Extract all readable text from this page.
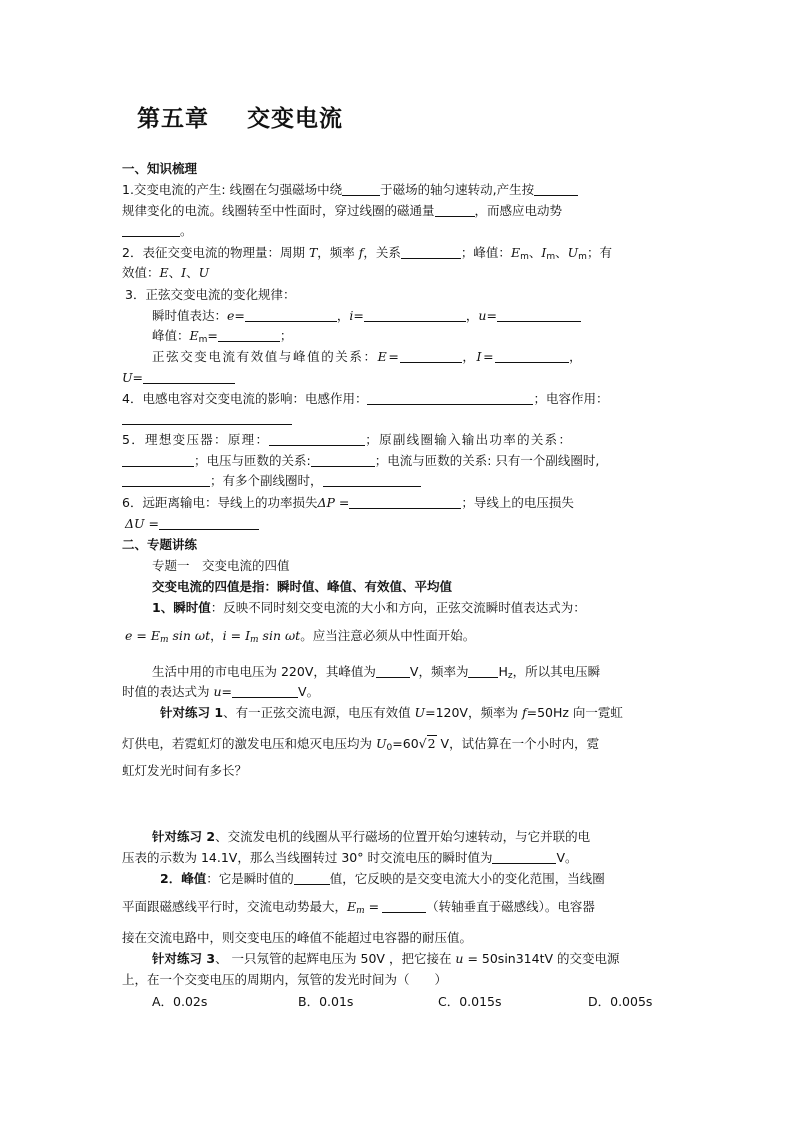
第五章 交变电流
一、知识梳理
1.交变电流的产生: 线圈在匀强磁场中绕	于磁场的轴匀速转动,产生按
规律变化的电流。线圈转至中性面时，穿过线圈的磁通量	，而感应电动势
。
2．表征交变电流的物理量：周期 T，频率 f，关系	；峰值：$E_m$、$I_m$、$U_m$；有
效值：E、I、U
3．正弦交变电流的变化规律：
瞬时值表达：e=	，i=	，u=
峰值：$E_m=$	；
正弦交变电流有效值与峰值的关系：E=	，I=	，
U=
4．电感电容对交变电流的影响：电感作用：	；电容作用：
5．理想变压器：原理：	；原副线圈输入输出功率的关系：
；电压与匝数的关系:	；电流与匝数的关系: 只有一个副线圈时,
；有多个副线圈时，
6．远距离输电：导线上的功率损失ΔP =	；导线上的电压损失
ΔU =
二、专题讲练
专题一　交变电流的四值
交变电流的四值是指：瞬时值、峰值、有效值、平均值
1、瞬时值：反映不同时刻交变电流的大小和方向，正弦交流瞬时值表达式为：
$e = E_m$ sin ωt，$i = I_m$ sin ωt。应当注意必须从中性面开始。
生活中用的市电电压为 220V，其峰值为	V，频率为 $H_z$，所以其电压瞬
时值的表达式为 u=	V。
针对练习 1、有一正弦交流电源，电压有效值 U=120V，频率为 f=50Hz 向一霓虹
灯供电，若霓虹灯的激发电压和熄灭电压均为 $U_0=60√2$ V，试估算在一个小时内，霓
虹灯发光时间有多长？
针对练习 2、交流发电机的线圈从平行磁场的位置开始匀速转动，与它并联的电
压表的示数为 14.1V，那么当线圈转过 30° 时交流电压的瞬时值为	V。
2．峰值：它是瞬时值的	值，它反映的是交变电流大小的变化范围，当线圈
平面跟磁感线平行时，交流电动势最大，$E_m$ =	（转轴垂直于磁感线）。电容器
接在交流电路中，则交变电压的峰值不能超过电容器的耐压值。
针对练习 3、 一只氖管的起辉电压为 50V ，把它接在 u = 50sin314tV 的交变电源
上，在一个交变电压的周期内，氖管的发光时间为（　　）
A．0.02s	B．0.01s	C．0.015s	D．0.005s
